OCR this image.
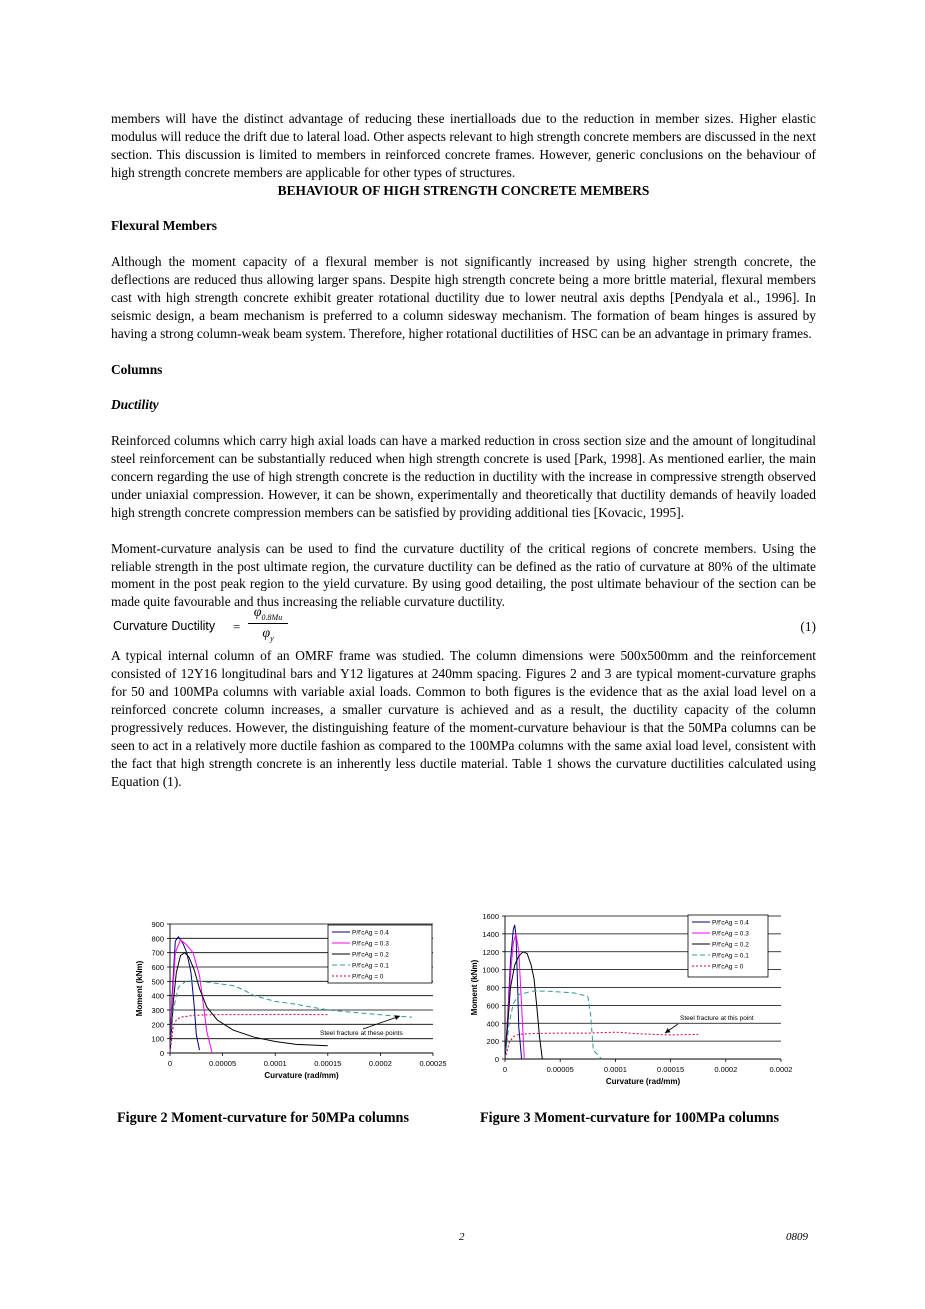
members will have the distinct advantage of reducing these inertialloads due to the reduction in member sizes. Higher elastic modulus will reduce the drift due to lateral load. Other aspects relevant to high strength concrete members are discussed in the next section. This discussion is limited to members in reinforced concrete frames. However, generic conclusions on the behaviour of high strength concrete members are applicable for other types of structures.

BEHAVIOUR OF HIGH STRENGTH CONCRETE MEMBERS

Flexural Members

Although the moment capacity of a flexural member is not significantly increased by using higher strength concrete, the deflections are reduced thus allowing larger spans. Despite high strength concrete being a more brittle material, flexural members cast with high strength concrete exhibit greater rotational ductility due to lower neutral axis depths [Pendyala et al., 1996]. In seismic design, a beam mechanism is preferred to a column sidesway mechanism. The formation of beam hinges is assured by having a strong column-weak beam system. Therefore, higher rotational ductilities of HSC can be an advantage in primary frames.

Columns

Ductility

Reinforced columns which carry high axial loads can have a marked reduction in cross section size and the amount of longitudinal steel reinforcement can be substantially reduced when high strength concrete is used [Park, 1998]. As mentioned earlier, the main concern regarding the use of high strength concrete is the reduction in ductility with the increase in compressive strength observed under uniaxial compression. However, it can be shown, experimentally and theoretically that ductility demands of heavily loaded high strength concrete compression members can be satisfied by providing additional ties [Kovacic, 1995].

Moment-curvature analysis can be used to find the curvature ductility of the critical regions of concrete members. Using the reliable strength in the post ultimate region, the curvature ductility can be defined as the ratio of curvature at 80% of the ultimate moment in the post peak region to the yield curvature. By using good detailing, the post ultimate behaviour of the section can be made quite favourable and thus increasing the reliable curvature ductility.

Curvature Ductility =
$\varphi_{0.8Mu}$
$\varphi_y$
(1)

A typical internal column of an OMRF frame was studied. The column dimensions were 500x500mm and the reinforcement consisted of 12Y16 longitudinal bars and Y12 ligatures at 240mm spacing. Figures 2 and 3 are typical moment-curvature graphs for 50 and 100MPa columns with variable axial loads. Common to both figures is the evidence that as the axial load level on a reinforced concrete column increases, a smaller curvature is achieved and as a result, the ductility capacity of the column progressively reduces. However, the distinguishing feature of the moment-curvature behaviour is that the 50MPa columns can be seen to act in a relatively more ductile fashion as compared to the 100MPa columns with the same axial load level, consistent with the fact that high strength concrete is an inherently less ductile material. Table 1 shows the curvature ductilities calculated using Equation (1).

0
100
200
300
400
500
600
700
800
900
0	0.00005	0.0001	0.00015	0.0002	0.00025
Curvature (rad/mm)
Moment (kNm)
P/f'cAg = 0.4
P/f'cAg = 0.3
P/f'cAg = 0.2
P/f'cAg = 0.1
P/f'cAg = 0
Steel fracture at these points
0
200
400
600
800
1000
1200
1400
1600
0	0.00005	0.0001	0.00015	0.0002	0.0002
Curvature (rad/mm)
Moment (kNm)
P/f'cAg = 0.4
P/f'cAg = 0.3
P/f'cAg = 0.2
P/f'cAg = 0.1
P/f'cAg = 0
Steel fracture at this point
Figure 2 Moment-curvature for 50MPa columns	Figure 3 Moment-curvature for 100MPa columns
2	0809
